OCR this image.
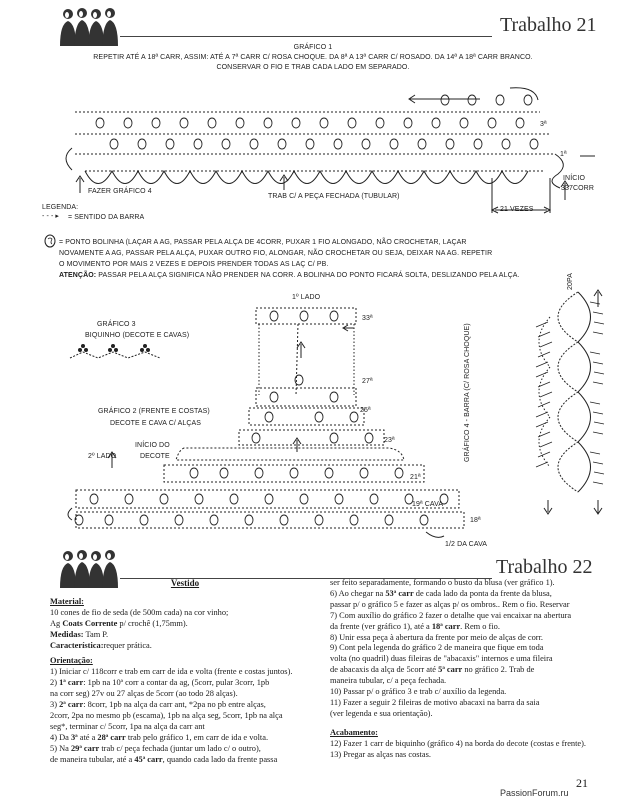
Trabalho 21
GRÁFICO 1
REPETIR ATÉ A 18ª CARR, ASSIM: ATÉ A 7ª CARR C/ ROSA CHOQUE. DA 8ª A 13ª CARR C/ ROSADO. DA 14ª A 18ª CARR BRANCO.
CONSERVAR O FIO E TRAB CADA LADO EM SEPARADO.
FAZER GRÁFICO 4
TRAB C/ A PEÇA FECHADA (TUBULAR)
INÍCIO
337CORR
21 VEZES
3ª
1ª
LEGENDA:
- - - ▸ = SENTIDO DA BARRA
= PONTO BOLINHA (LAÇAR A AG, PASSAR PELA ALÇA DE 4CORR, PUXAR 1 FIO ALONGADO, NÃO CROCHETAR, LAÇAR
NOVAMENTE A AG, PASSAR PELA ALÇA, PUXAR OUTRO FIO, ALONGAR, NÃO CROCHETAR OU SEJA, DEIXAR NA AG. REPETIR
O MOVIMENTO POR MAIS 2 VEZES E DEPOIS PRENDER TODAS AS LAÇ C/ PB.
ATENÇÃO: PASSAR PELA ALÇA SIGNIFICA NÃO PRENDER NA CORR. A BOLINHA DO PONTO FICARÁ SOLTA, DESLIZANDO PELA ALÇA.
GRÁFICO 3
BIQUINHO (DECOTE E CAVAS)
GRÁFICO 2 (FRENTE E COSTAS)
DECOTE E CAVA C/ ALÇAS
1º LADO
2º LADO
INÍCIO DO
DECOTE
19ª CAVA
1/2 DA CAVA
33ª
27ª
25ª
23ª
21ª
18ª
GRÁFICO 4 - BARRA (C/ ROSA CHOQUE)
20PA
Trabalho 22
Vestido
Material:
10 cones de fio de seda (de 500m cada) na cor vinho;
Ag Coats Corrente p/ crochê (1,75mm).
Medidas: Tam P.
Característica:requer prática.
Orientação:
1) Iniciar c/ 118corr e trab em carr de ida e volta (frente e costas juntos).
2) 1ª carr: 1pb na 10ª corr a contar da ag, (5corr, pular 3corr, 1pb
na corr seg) 27v ou 27 alças de 5corr (ao todo 28 alças).
3) 2ª carr: 8corr, 1pb na alça da carr ant, *2pa no pb entre alças,
2corr, 2pa no mesmo pb (escama), 1pb na alça seg, 5corr, 1pb na alça
seg*, terminar c/ 5corr, 1pa na alça da carr ant
4) Da 3ª até a 28ª carr trab pelo gráfico 1, em carr de ida e volta.
5) Na 29ª carr trab c/ peça fechada (juntar um lado c/ o outro),
de maneira tubular, até a 45ª carr, quando cada lado da frente passa
ser feito separadamente, formando o busto da blusa (ver gráfico 1).
6) Ao chegar na 53ª carr de cada lado da ponta da frente da blusa,
passar p/ o gráfico 5 e fazer as alças p/ os ombros.. Rem o fio. Reservar
7) Com auxílio do gráfico 2 fazer o detalhe que vai encaixar na abertura
da frente (ver gráfico 1), até a 18ª carr. Rem o fio.
8) Unir essa peça à abertura da frente por meio de alças de corr.
9) Cont pela legenda do gráfico 2 de maneira que fique em toda
volta (no quadril) duas fileiras de "abacaxis" internos e uma fileira
de abacaxis da alça de 5corr até 5ª carr no gráfico 2. Trab de
maneira tubular, c/ a peça fechada.
10) Passar p/ o gráfico 3 e trab c/ auxílio da legenda.
11) Fazer a seguir 2 fileiras de motivo abacaxi na barra da saia
(ver legenda e sua orientação).
Acabamento:
12) Fazer 1 carr de biquinho (gráfico 4) na borda do decote (costas e frente).
13) Pregar as alças nas costas.
21
PassionForum.ru
